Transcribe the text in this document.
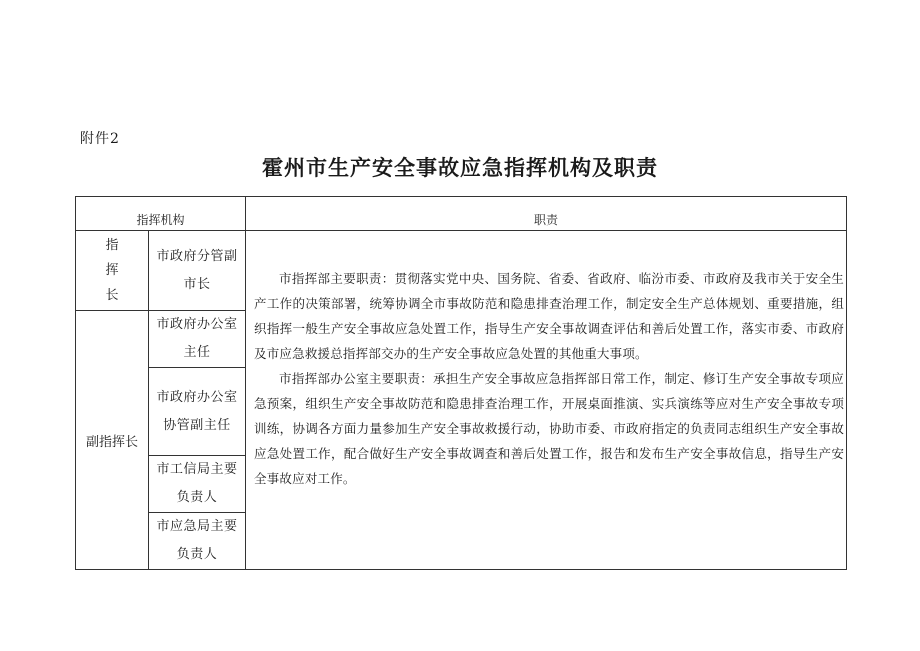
附件2
霍州市生产安全事故应急指挥机构及职责
指挥机构		职责

指挥长	市政府分管副市长	市指挥部主要职责：贯彻落实党中央、国务院、省委、省政府、临汾市委、市政府及我市关于安全生产工作的决策部署，统筹协调全市事故防范和隐患排查治理工作，制定安全生产总体规划、重要措施，组织指挥一般生产安全事故应急处置工作，指导生产安全事故调查评估和善后处置工作，落实市委、市政府及市应急救援总指挥部交办的生产安全事故应急处置的其他重大事项。

市指挥部办公室主要职责：承担生产安全事故应急指挥部日常工作，制定、修订生产安全事故专项应急预案，组织生产安全事故防范和隐患排查治理工作，开展桌面推演、实兵演练等应对生产安全事故专项训练，协调各方面力量参加生产安全事故救援行动，协助市委、市政府指定的负责同志组织生产安全事故应急处置工作，配合做好生产安全事故调查和善后处置工作，报告和发布生产安全事故信息，指导生产安全事故应对工作。

副指挥长	市政府办公室主任	

	市政府办公室协管副主任	

	市工信局主要负责人	

	市应急局主要负责人	
